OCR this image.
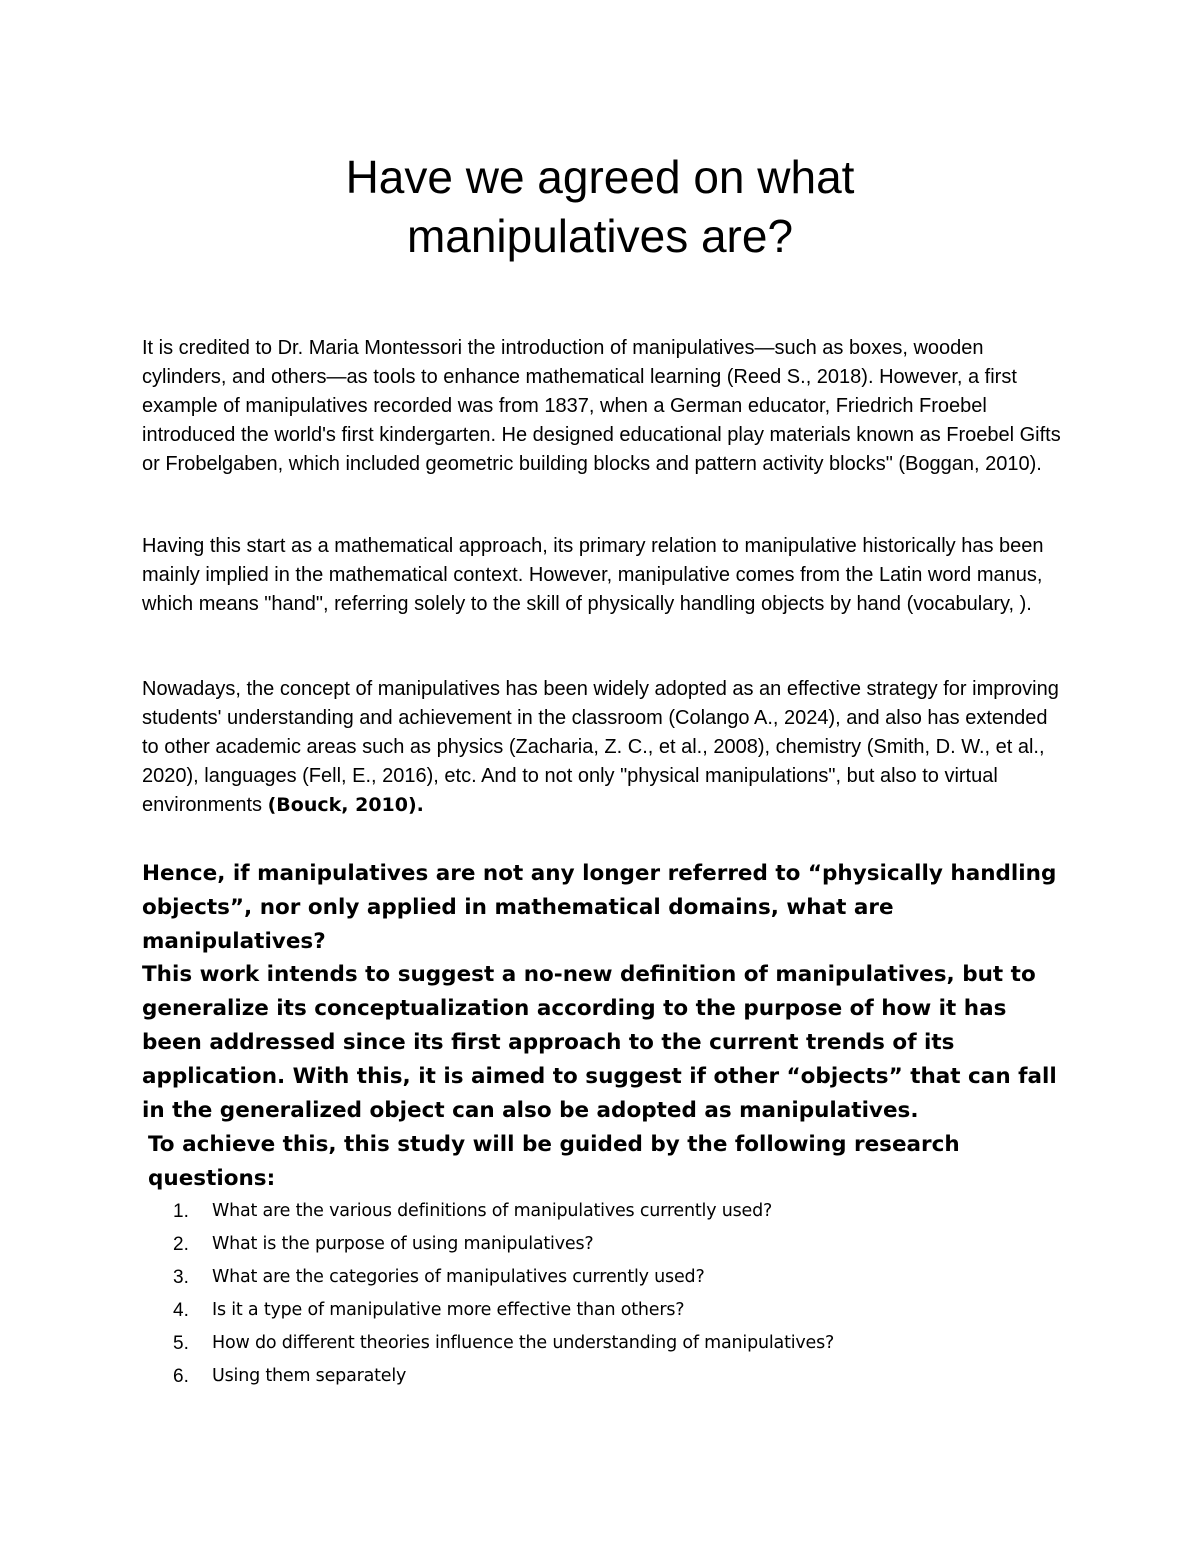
Have we agreed on what
manipulatives are?

It is credited to Dr. Maria Montessori the introduction of manipulatives—such as boxes, wooden cylinders, and others—as tools to enhance mathematical learning (Reed S., 2018). However, a first example of manipulatives recorded was from 1837, when a German educator, Friedrich Froebel introduced the world's first kindergarten. He designed educational play materials known as Froebel Gifts or Frobelgaben, which included geometric building blocks and pattern activity blocks" (Boggan, 2010).

Having this start as a mathematical approach, its primary relation to manipulative historically has been mainly implied in the mathematical context. However, manipulative comes from the Latin word manus, which means "hand", referring solely to the skill of physically handling objects by hand (vocabulary, ).

Nowadays, the concept of manipulatives has been widely adopted as an effective strategy for improving students' understanding and achievement in the classroom (Colango A., 2024), and also has extended to other academic areas such as physics (Zacharia, Z. C., et al., 2008), chemistry (Smith, D. W., et al., 2020), languages (Fell, E., 2016), etc. And to not only "physical manipulations", but also to virtual environments (Bouck, 2010).

Hence, if manipulatives are not any longer referred to “physically handling objects”, nor only applied in mathematical domains, what are manipulatives?

This work intends to suggest a no-new definition of manipulatives, but to generalize its conceptualization according to the purpose of how it has been addressed since its first approach to the current trends of its application. With this, it is aimed to suggest if other “objects” that can fall in the generalized object can also be adopted as manipulatives.
To achieve this, this study will be guided by the following research questions:

1.	What are the various definitions of manipulatives currently used?
2.	What is the purpose of using manipulatives?
3.	What are the categories of manipulatives currently used?
4.	Is it a type of manipulative more effective than others?
5.	How do different theories influence the understanding of manipulatives?
6.	Using them separately
